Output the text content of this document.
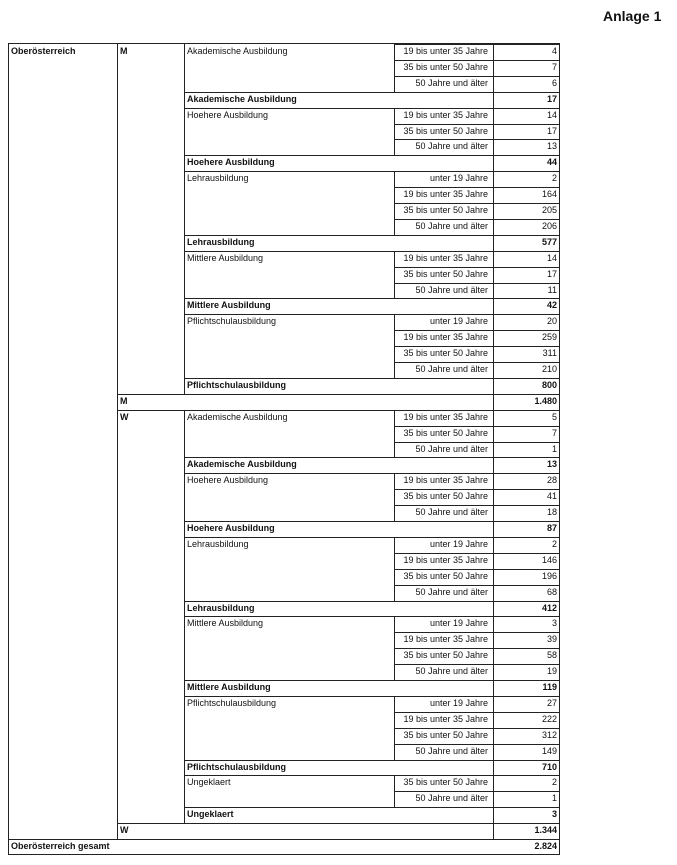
Anlage 1
Oberösterreich	M	Akademische Ausbildung	19 bis unter 35 Jahre	4
35 bis unter 50 Jahre	7
50 Jahre und älter	6
Akademische Ausbildung	17
Hoehere Ausbildung	19 bis unter 35 Jahre	14
35 bis unter 50 Jahre	17
50 Jahre und älter	13
Hoehere Ausbildung	44
Lehrausbildung	unter 19 Jahre	2
19 bis unter 35 Jahre	164
35 bis unter 50 Jahre	205
50 Jahre und älter	206
Lehrausbildung	577
Mittlere Ausbildung	19 bis unter 35 Jahre	14
35 bis unter 50 Jahre	17
50 Jahre und älter	11
Mittlere Ausbildung	42
Pflichtschulausbildung	unter 19 Jahre	20
19 bis unter 35 Jahre	259
35 bis unter 50 Jahre	311
50 Jahre und älter	210
Pflichtschulausbildung	800
M	1.480
W	Akademische Ausbildung	19 bis unter 35 Jahre	5
35 bis unter 50 Jahre	7
50 Jahre und älter	1
Akademische Ausbildung	13
Hoehere Ausbildung	19 bis unter 35 Jahre	28
35 bis unter 50 Jahre	41
50 Jahre und älter	18
Hoehere Ausbildung	87
Lehrausbildung	unter 19 Jahre	2
19 bis unter 35 Jahre	146
35 bis unter 50 Jahre	196
50 Jahre und älter	68
Lehrausbildung	412
Mittlere Ausbildung	unter 19 Jahre	3
19 bis unter 35 Jahre	39
35 bis unter 50 Jahre	58
50 Jahre und älter	19
Mittlere Ausbildung	119
Pflichtschulausbildung	unter 19 Jahre	27
19 bis unter 35 Jahre	222
35 bis unter 50 Jahre	312
50 Jahre und älter	149
Pflichtschulausbildung	710
Ungeklaert	35 bis unter 50 Jahre	2
50 Jahre und älter	1
Ungeklaert	3
W	1.344
Oberösterreich gesamt	2.824
